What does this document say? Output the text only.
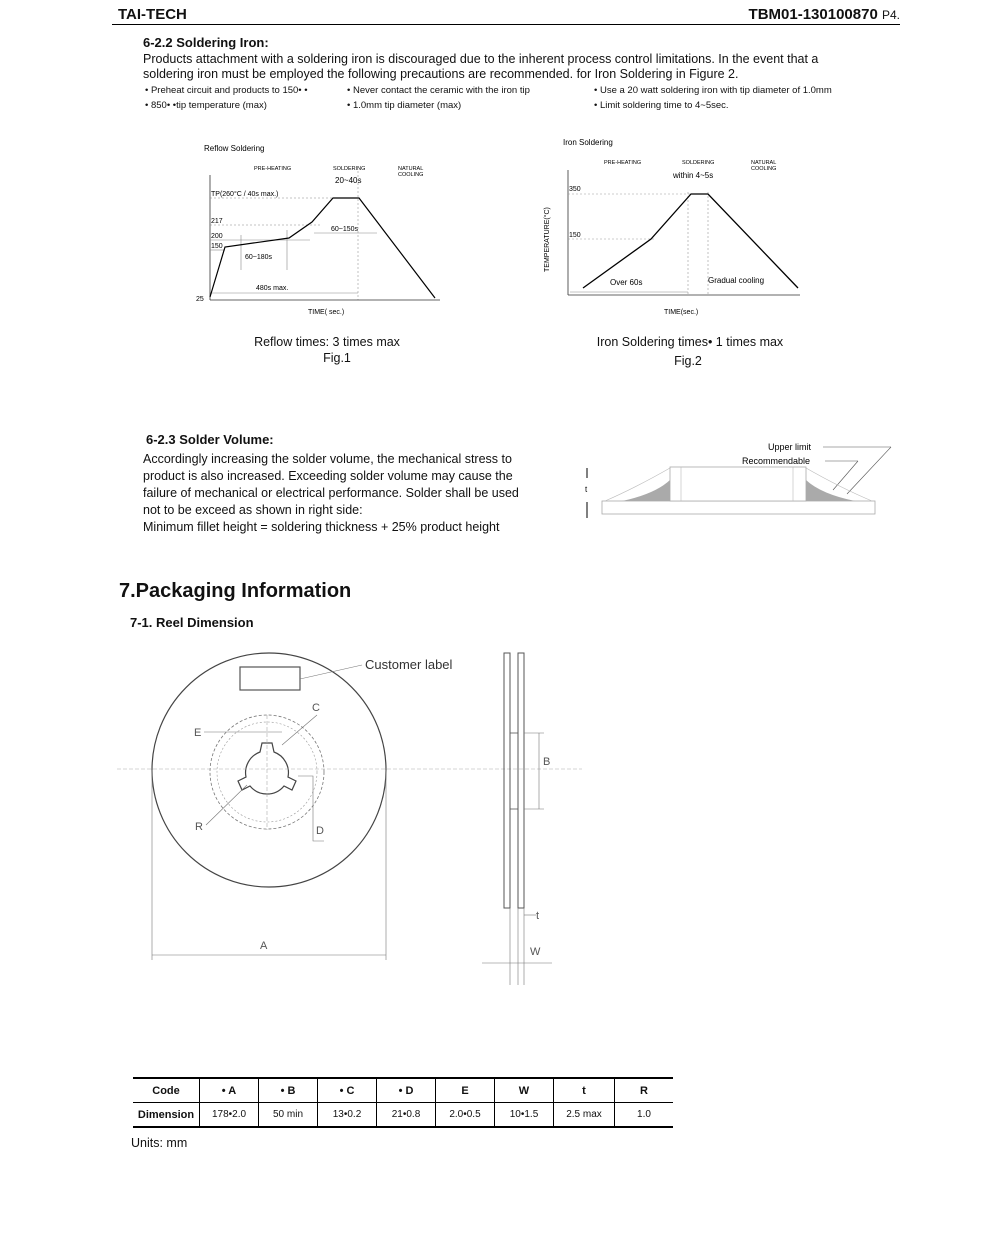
TAI-TECH	TBM01-130100870 P4.
6-2.2 Soldering Iron:
Products attachment with a soldering iron is discouraged due to the inherent process control limitations. In the event that a
soldering iron must be employed the following precautions are recommended. for Iron Soldering in Figure 2.
• Preheat circuit and products to 150• •
• 850• •tip temperature (max)
• Never contact the ceramic with the iron tip
• 1.0mm tip diameter (max)
• Use a 20 watt soldering iron with tip diameter of 1.0mm
• Limit soldering time to 4~5sec.
Reflow Soldering
PRE-HEATING	SOLDERING	NATURAL
COOLING
20~40s
TP(260°C / 40s max.)
217
200
150
25
60~180s
60~150s
480s max.
TIME( sec.)
Reflow times: 3 times max
Fig.1
Iron Soldering
PRE-HEATING	SOLDERING	NATURAL
COOLING
within 4~5s
TEMPERATURE(°C)
350
150
Over 60s	Gradual cooling
TIME(sec.)
Iron Soldering times• 1 times max
Fig.2
6-2.3 Solder Volume:
Accordingly increasing the solder volume, the mechanical stress to
product is also increased. Exceeding solder volume may cause the
failure of mechanical or electrical performance. Solder shall be used
not to be exceed as shown in right side:
Minimum fillet height = soldering thickness + 25% product height
Upper limit
Recommendable
t
7.Packaging Information
7-1. Reel Dimension
Customer label
C
E
R	D
A
B
t
W
Code	• A	• B	• C	• D	E	W	t	R
Dimension	178•2.0	50 min	13•0.2	21•0.8	2.0•0.5	10•1.5	2.5 max	1.0
Units: mm
